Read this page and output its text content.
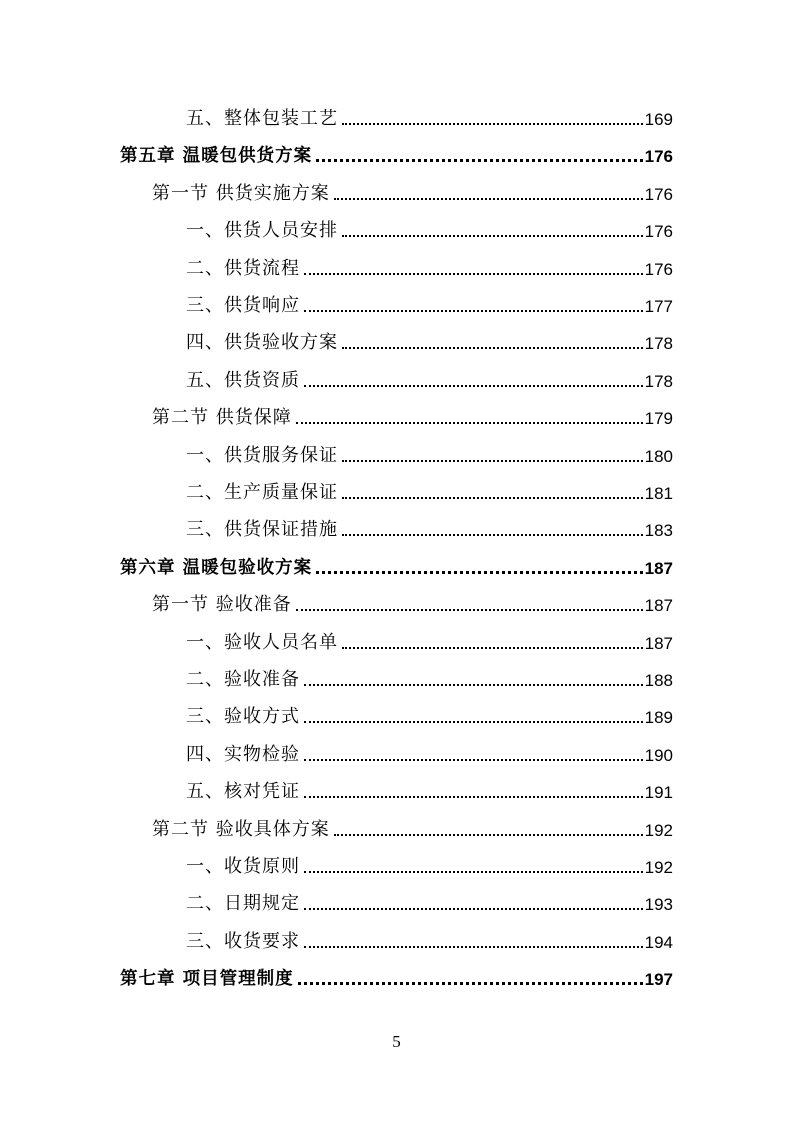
五、整体包装工艺	169
第五章 温暖包供货方案	176
第一节 供货实施方案	176
一、供货人员安排	176
二、供货流程	176
三、供货响应	177
四、供货验收方案	178
五、供货资质	178
第二节 供货保障	179
一、供货服务保证	180
二、生产质量保证	181
三、供货保证措施	183
第六章 温暖包验收方案	187
第一节 验收准备	187
一、验收人员名单	187
二、验收准备	188
三、验收方式	189
四、实物检验	190
五、核对凭证	191
第二节 验收具体方案	192
一、收货原则	192
二、日期规定	193
三、收货要求	194
第七章 项目管理制度	197
5
